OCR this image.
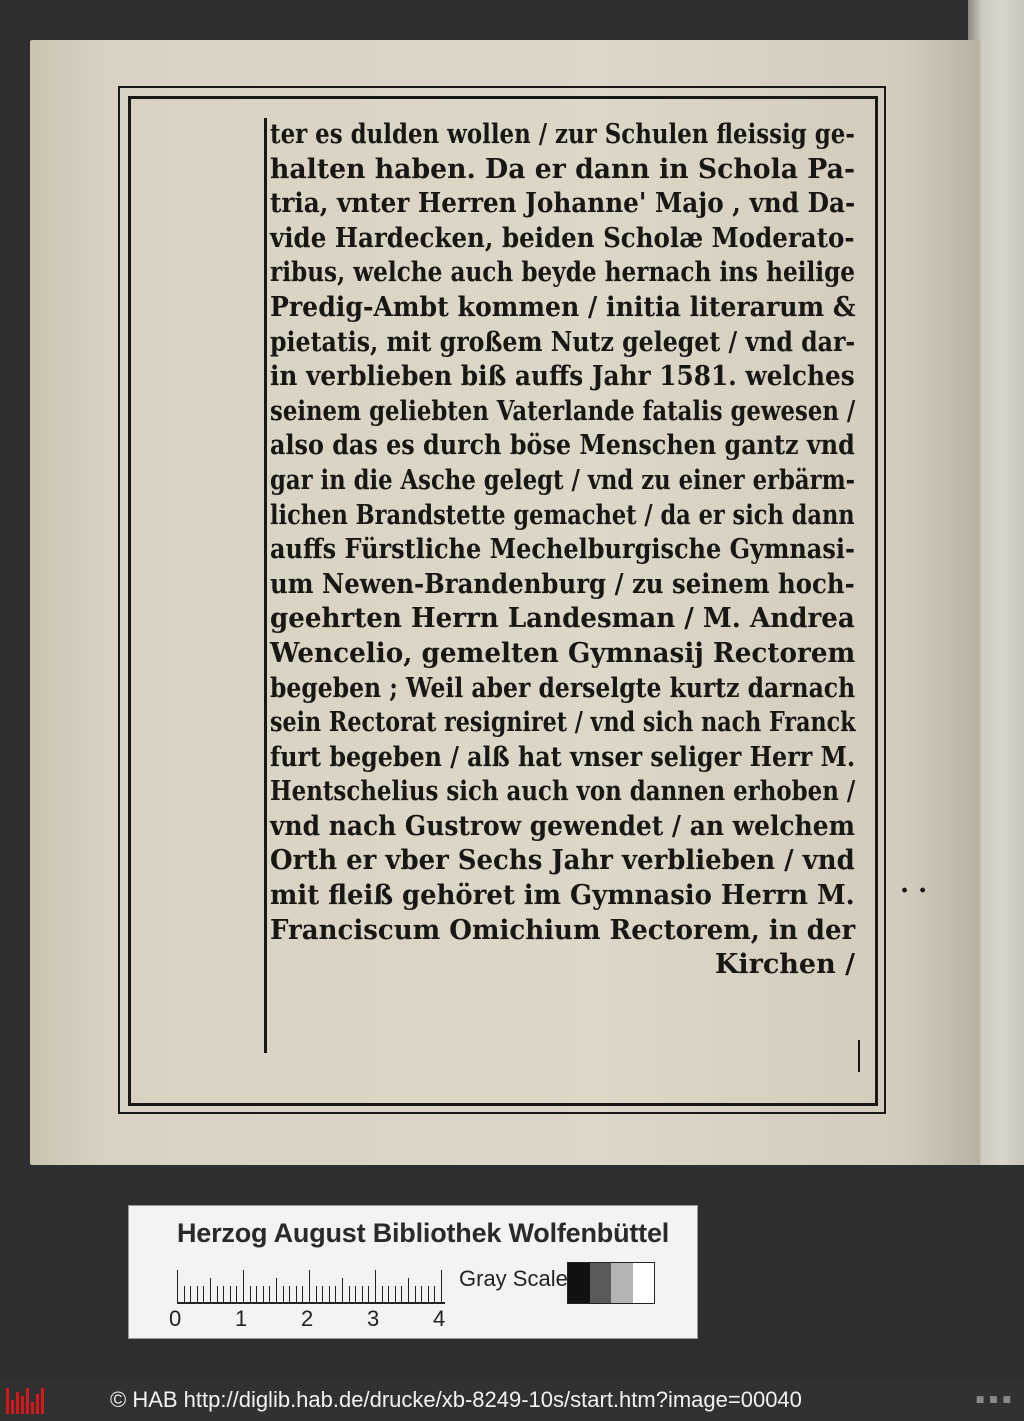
ter es dulden wollen / zur Schulen fleissig ge-
halten haben. Da er dann in Schola Pa-
tria, vnter Herren Johanne' Majo , vnd Da-
vide Hardecken, beiden Scholæ Moderato-
ribus, welche auch beyde hernach ins heilige
Predig-Ambt kommen / initia literarum &
pietatis, mit großem Nutz geleget / vnd dar-
in verblieben biß auffs Jahr 1581. welches
seinem geliebten Vaterlande fatalis gewesen /
also das es durch böse Menschen gantz vnd
gar in die Asche gelegt / vnd zu einer erbärm-
lichen Brandstette gemachet / da er sich dann
auffs Fürstliche Mechelburgische Gymnasi-
um Newen-Brandenburg / zu seinem hoch-
geehrten Herrn Landesman / M. Andrea
Wencelio, gemelten Gymnasij Rectorem
begeben ; Weil aber derselgte kurtz darnach
sein Rectorat resigniret / vnd sich nach Franck
furt begeben / alß hat vnser seliger Herr M.
Hentschelius sich auch von dannen erhoben /
vnd nach Gustrow gewendet / an welchem
Orth er vber Sechs Jahr verblieben / vnd
mit fleiß gehöret im Gymnasio Herrn M.
Franciscum Omichium Rectorem, in der
Kirchen /
· ·
Herzog August Bibliothek Wolfenbüttel
0 1 2 3 4
Gray Scale
© HAB http://diglib.hab.de/drucke/xb-8249-10s/start.htm?image=00040	■ ■ ■
